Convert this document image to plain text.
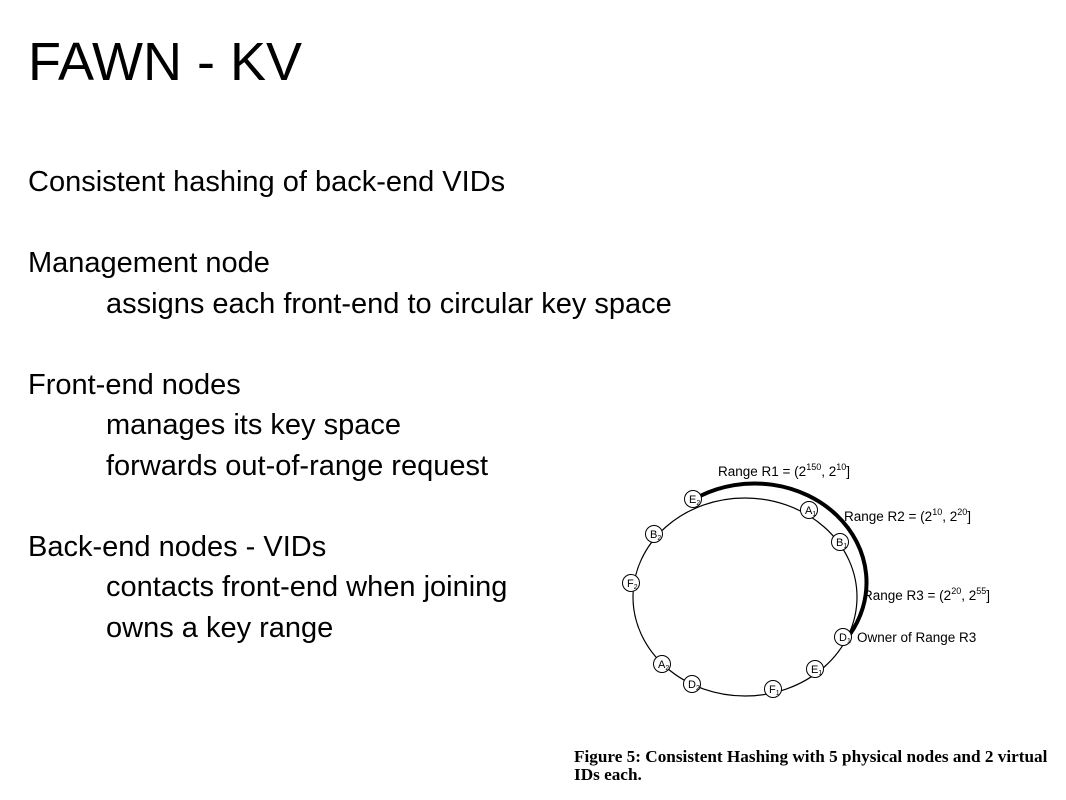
FAWN - KV
Consistent hashing of back-end VIDs
Management node
assigns each front-end to circular key space
Front-end nodes
manages its key space
forwards out-of-range request
Back-end nodes - VIDs
contacts front-end when joining
owns a key range
E2
A1
B1
D1
E1
F1
D2
A2
F2
B2
Range $R1 = (2^{150}$, $2^{10}$]
Range $R2 = (2^{10}$, $2^{20}$]
Range $R3 = (2^{20}$, $2^{55}$]
Owner of Range R3
Figure 5: Consistent Hashing with 5 physical nodes and 2 virtual
IDs each.
